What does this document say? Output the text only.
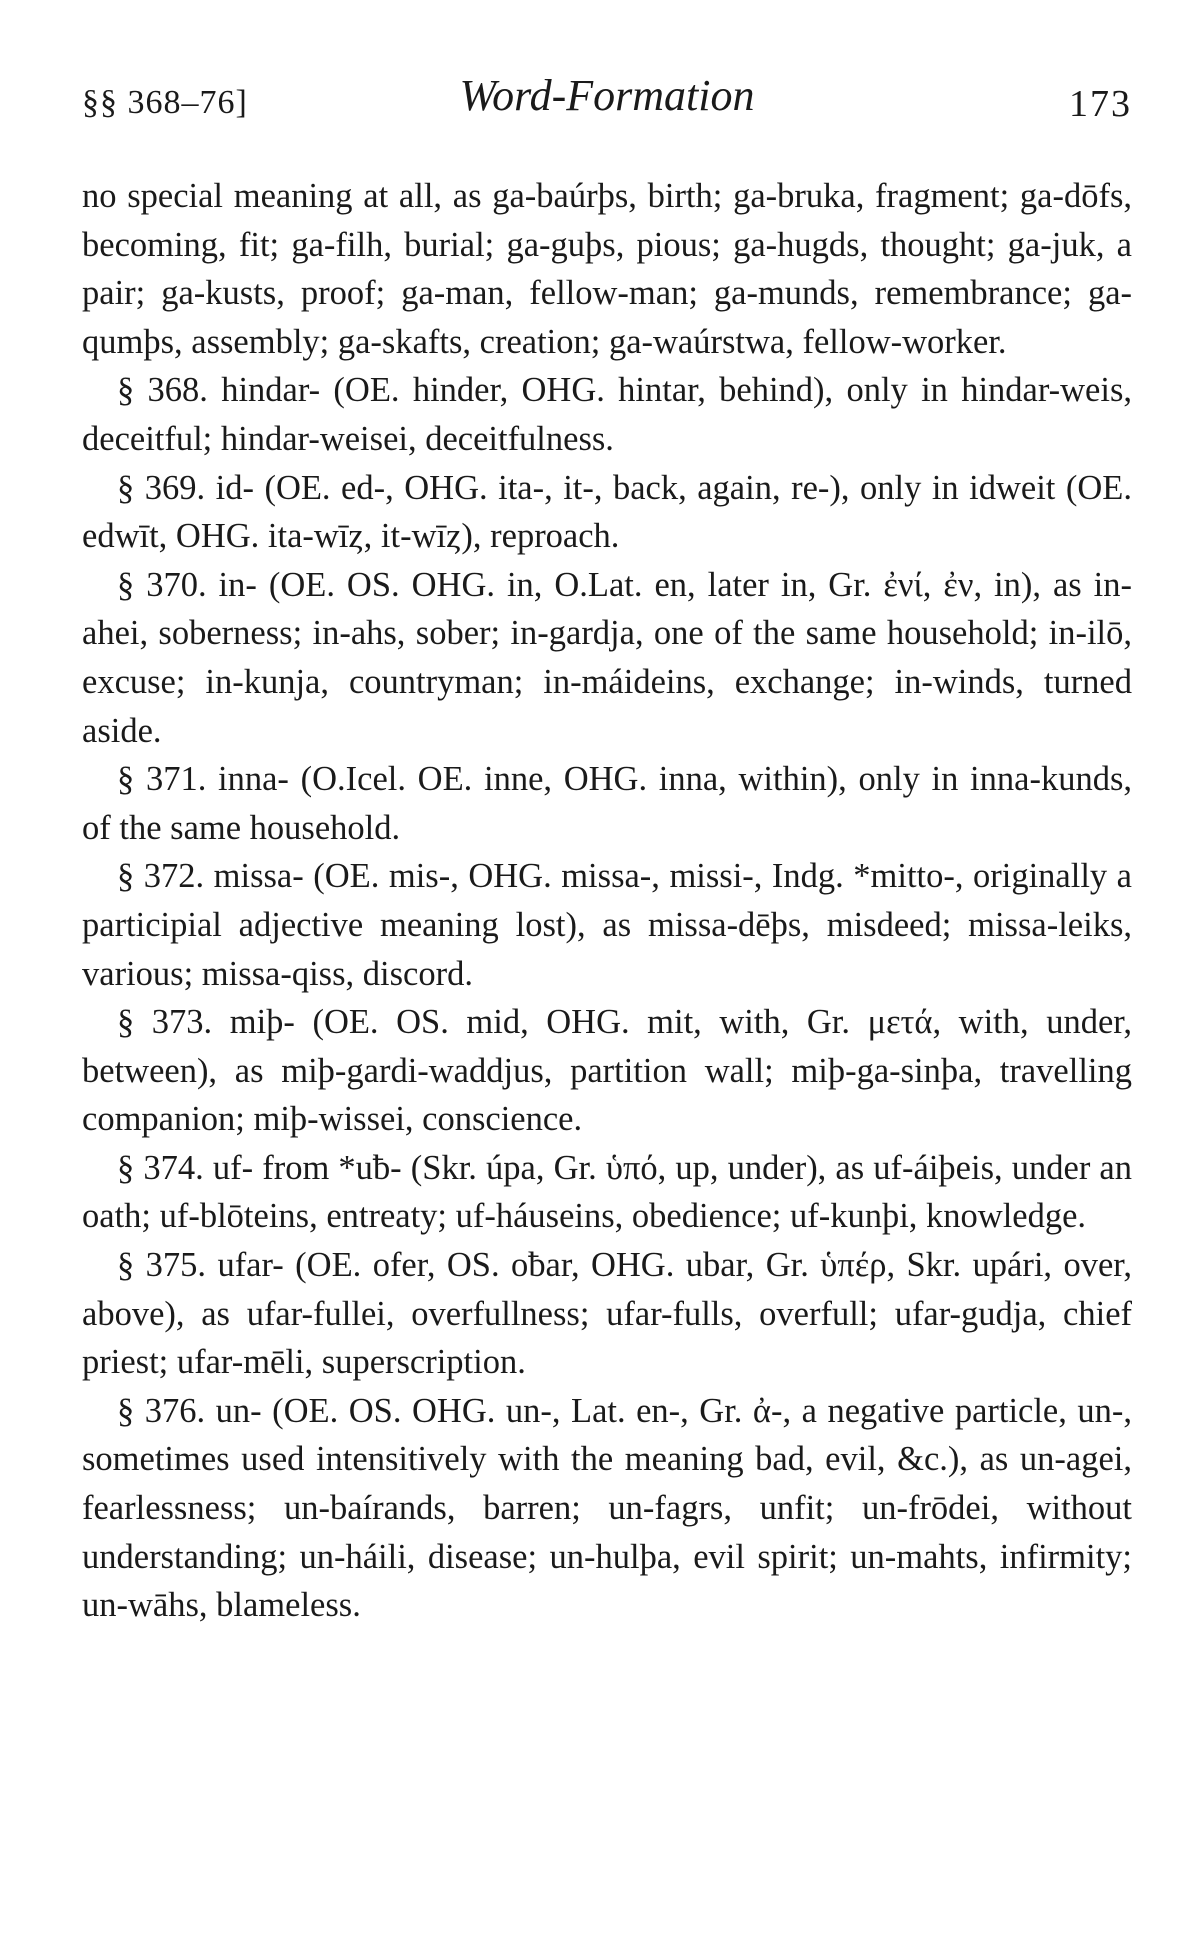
§§ 368–76]	Word-Formation	173

no special meaning at all, as ga-baúrþs, birth; ga-bruka, fragment; ga-dōfs, becoming, fit; ga-filh, burial; ga-guþs, pious; ga-hugds, thought; ga-juk, a pair; ga-kusts, proof; ga-man, fellow-man; ga-munds, remembrance; ga-qumþs, assembly; ga-skafts, creation; ga-waúrstwa, fellow-worker.

§ 368. hindar- (OE. hinder, OHG. hintar, behind), only in hindar-weis, deceitful; hindar-weisei, deceitfulness.

§ 369. id- (OE. ed-, OHG. ita-, it-, back, again, re-), only in idweit (OE. edwīt, OHG. ita-wīȥ, it-wīȥ), reproach.

§ 370. in- (OE. OS. OHG. in, O.Lat. en, later in, Gr. ἐνί, ἐν, in), as in-ahei, soberness; in-ahs, sober; in-gardja, one of the same household; in-ilō, excuse; in-kunja, countryman; in-máideins, exchange; in-winds, turned aside.

§ 371. inna- (O.Icel. OE. inne, OHG. inna, within), only in inna-kunds, of the same household.

§ 372. missa- (OE. mis-, OHG. missa-, missi-, Indg. *mitto-, originally a participial adjective meaning lost), as missa-dēþs, misdeed; missa-leiks, various; missa-qiss, discord.

§ 373. miþ- (OE. OS. mid, OHG. mit, with, Gr. μετά, with, under, between), as miþ-gardi-waddjus, partition wall; miþ-ga-sinþa, travelling companion; miþ-wissei, conscience.

§ 374. uf- from *uƀ- (Skr. úpa, Gr. ὑπό, up, under), as uf-áiþeis, under an oath; uf-blōteins, entreaty; uf-háuseins, obedience; uf-kunþi, knowledge.

§ 375. ufar- (OE. ofer, OS. oƀar, OHG. ubar, Gr. ὑπέρ, Skr. upári, over, above), as ufar-fullei, overfullness; ufar-fulls, overfull; ufar-gudja, chief priest; ufar-mēli, superscription.

§ 376. un- (OE. OS. OHG. un-, Lat. en-, Gr. ἀ-, a negative particle, un-, sometimes used intensitively with the meaning bad, evil, &c.), as un-agei, fearlessness; un-baírands, barren; un-fagrs, unfit; un-frōdei, without understanding; un-háili, disease; un-hulþa, evil spirit; un-mahts, infirmity; un-wāhs, blameless.
